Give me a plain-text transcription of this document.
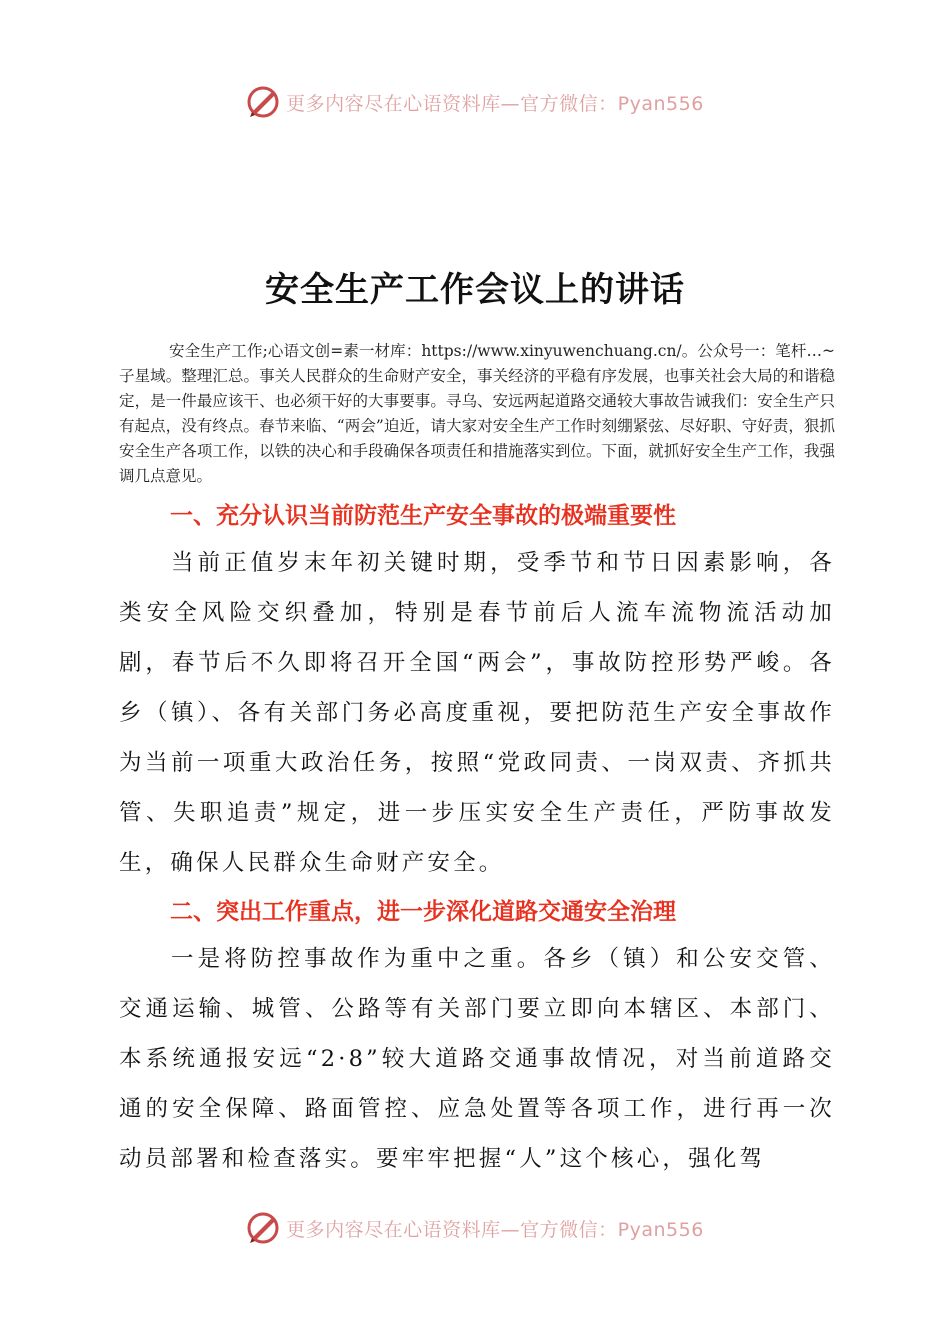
更多内容尽在心语资料库—官方微信：Pyan556
安全生产工作会议上的讲话
安全生产工作;心语文创=素一材库：https://www.xinyuwenchuang.cn/。公众号一：笔杆…~子星域。整理汇总。事关人民群众的生命财产安全，事关经济的平稳有序发展，也事关社会大局的和谐稳定，是一件最应该干、也必须干好的大事要事。寻乌、安远两起道路交通较大事故告诫我们：安全生产只有起点，没有终点。春节来临、“两会”迫近，请大家对安全生产工作时刻绷紧弦、尽好职、守好责，狠抓安全生产各项工作，以铁的决心和手段确保各项责任和措施落实到位。下面，就抓好安全生产工作，我强调几点意见。
一、充分认识当前防范生产安全事故的极端重要性
当前正值岁末年初关键时期，受季节和节日因素影响，各类安全风险交织叠加，特别是春节前后人流车流物流活动加剧，春节后不久即将召开全国“两会”，事故防控形势严峻。各乡（镇）、各有关部门务必高度重视，要把防范生产安全事故作为当前一项重大政治任务，按照“党政同责、一岗双责、齐抓共管、失职追责”规定，进一步压实安全生产责任，严防事故发生，确保人民群众生命财产安全。
二、突出工作重点，进一步深化道路交通安全治理
一是将防控事故作为重中之重。各乡（镇）和公安交管、交通运输、城管、公路等有关部门要立即向本辖区、本部门、本系统通报安远“2·8”较大道路交通事故情况，对当前道路交通的安全保障、路面管控、应急处置等各项工作，进行再一次动员部署和检查落实。要牢牢把握“人”这个核心，强化驾
更多内容尽在心语资料库—官方微信：Pyan556
